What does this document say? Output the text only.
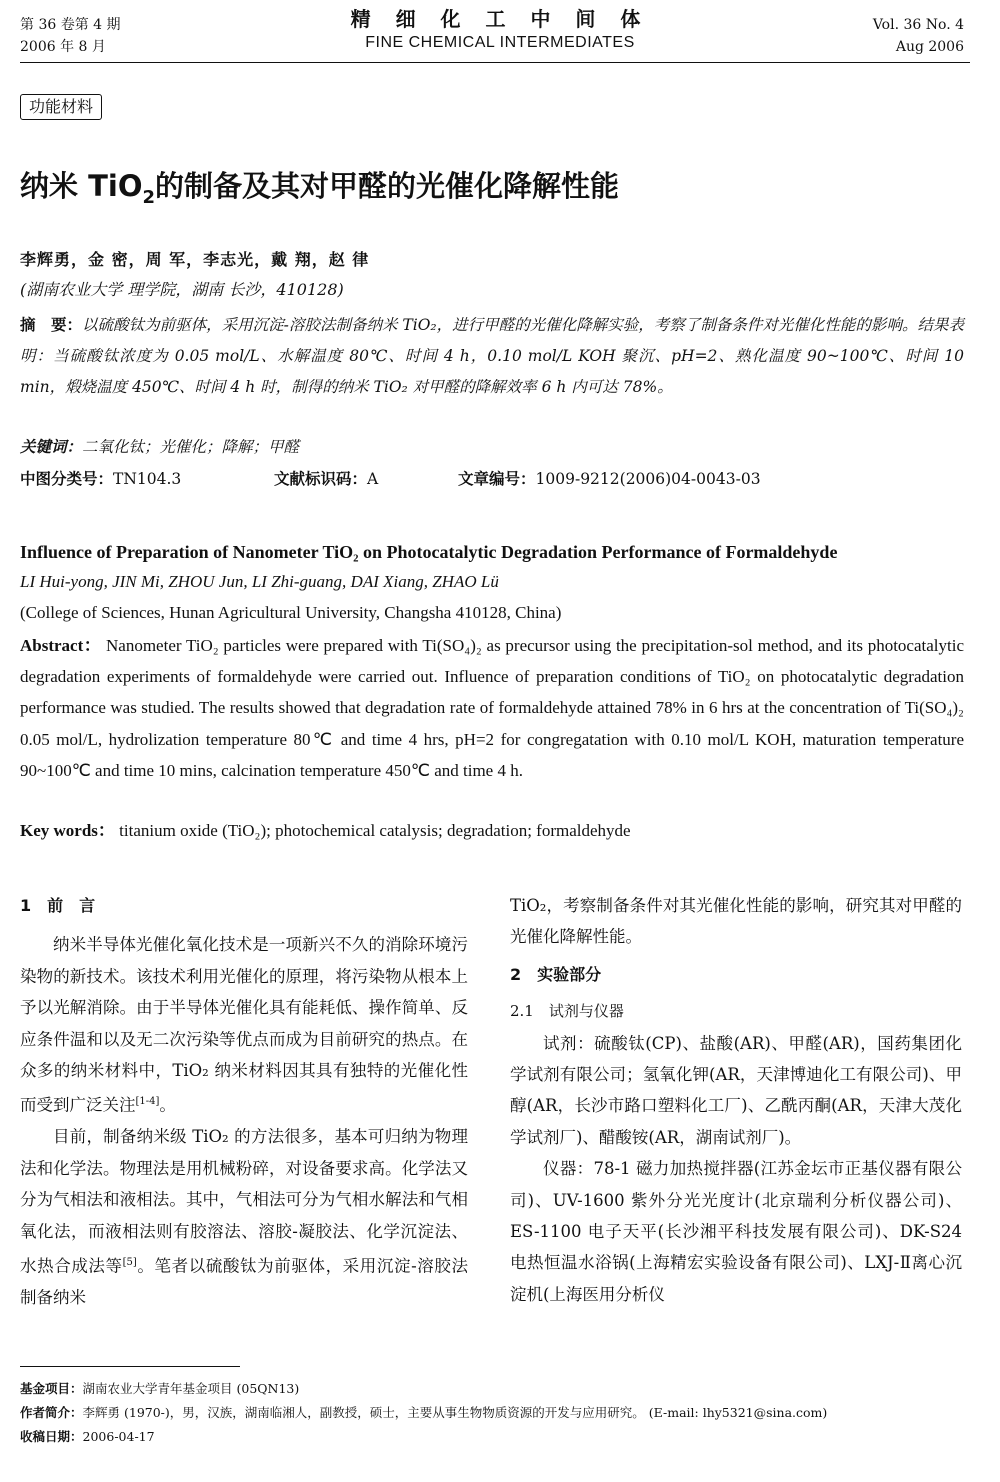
第 36 卷第 4 期
2006 年 8 月
精 细 化 工 中 间 体
FINE CHEMICAL INTERMEDIATES
Vol. 36 No. 4
Aug 2006
功能材料
纳米 TiO$_2$的制备及其对甲醛的光催化降解性能
李辉勇，金 密，周 军，李志光，戴 翔，赵 律
(湖南农业大学 理学院，湖南 长沙，410128)
摘　要：以硫酸钛为前驱体，采用沉淀-溶胶法制备纳米 TiO₂，进行甲醛的光催化降解实验，考察了制备条件对光催化性能的影响。结果表明：当硫酸钛浓度为 0.05 mol/L、水解温度 80℃、时间 4 h，0.10 mol/L KOH 聚沉、pH=2、熟化温度 90~100℃、时间 10 min，煅烧温度 450℃、时间 4 h 时，制得的纳米 TiO₂ 对甲醛的降解效率 6 h 内可达 78%。
关键词：二氧化钛；光催化；降解；甲醛
中图分类号：TN104.3	文献标识码：A	文章编号：1009-9212(2006)04-0043-03
Influence of Preparation of Nanometer TiO₂ on Photocatalytic Degradation Performance of Formaldehyde
LI Hui-yong, JIN Mi, ZHOU Jun, LI Zhi-guang, DAI Xiang, ZHAO Lü
(College of Sciences, Hunan Agricultural University, Changsha 410128, China)
Abstract： Nanometer TiO₂ particles were prepared with Ti(SO₄)₂ as precursor using the precipitation-sol method, and its photocatalytic degradation experiments of formaldehyde were carried out. Influence of preparation conditions of TiO₂ on photocatalytic degradation performance was studied. The results showed that degradation rate of formaldehyde attained 78% in 6 hrs at the concentration of Ti(SO₄)₂ 0.05 mol/L, hydrolization temperature 80℃ and time 4 hrs, pH=2 for congregatation with 0.10 mol/L KOH, maturation temperature 90~100℃ and time 10 mins, calcination temperature 450℃ and time 4 h.
Key words： titanium oxide (TiO₂); photochemical catalysis; degradation; formaldehyde
1　前　言

纳米半导体光催化氧化技术是一项新兴不久的消除环境污染物的新技术。该技术利用光催化的原理，将污染物从根本上予以光解消除。由于半导体光催化具有能耗低、操作简单、反应条件温和以及无二次污染等优点而成为目前研究的热点。在众多的纳米材料中，TiO₂ 纳米材料因其具有独特的光催化性而受到广泛关注[1-4]。

目前，制备纳米级 TiO₂ 的方法很多，基本可归纳为物理法和化学法。物理法是用机械粉碎，对设备要求高。化学法又分为气相法和液相法。其中，气相法可分为气相水解法和气相氧化法，而液相法则有胶溶法、溶胶-凝胶法、化学沉淀法、水热合成法等[5]。笔者以硫酸钛为前驱体，采用沉淀-溶胶法制备纳米

TiO₂，考察制备条件对其光催化性能的影响，研究其对甲醛的光催化降解性能。

2　实验部分
2.1　试剂与仪器

试剂：硫酸钛(CP)、盐酸(AR)、甲醛(AR)，国药集团化学试剂有限公司；氢氧化钾(AR，天津博迪化工有限公司)、甲醇(AR，长沙市路口塑料化工厂)、乙酰丙酮(AR，天津大茂化学试剂厂)、醋酸铵(AR，湖南试剂厂)。

仪器：78-1 磁力加热搅拌器(江苏金坛市正基仪器有限公司)、UV-1600 紫外分光光度计(北京瑞利分析仪器公司)、ES-1100 电子天平(长沙湘平科技发展有限公司)、DK-S24 电热恒温水浴锅(上海精宏实验设备有限公司)、LXJ-Ⅱ离心沉淀机(上海医用分析仪

基金项目：湖南农业大学青年基金项目 (05QN13)
作者简介：李辉勇 (1970-)，男，汉族，湖南临湘人，副教授，硕士，主要从事生物物质资源的开发与应用研究。 (E-mail: lhy5321@sina.com)
收稿日期：2006-04-17
